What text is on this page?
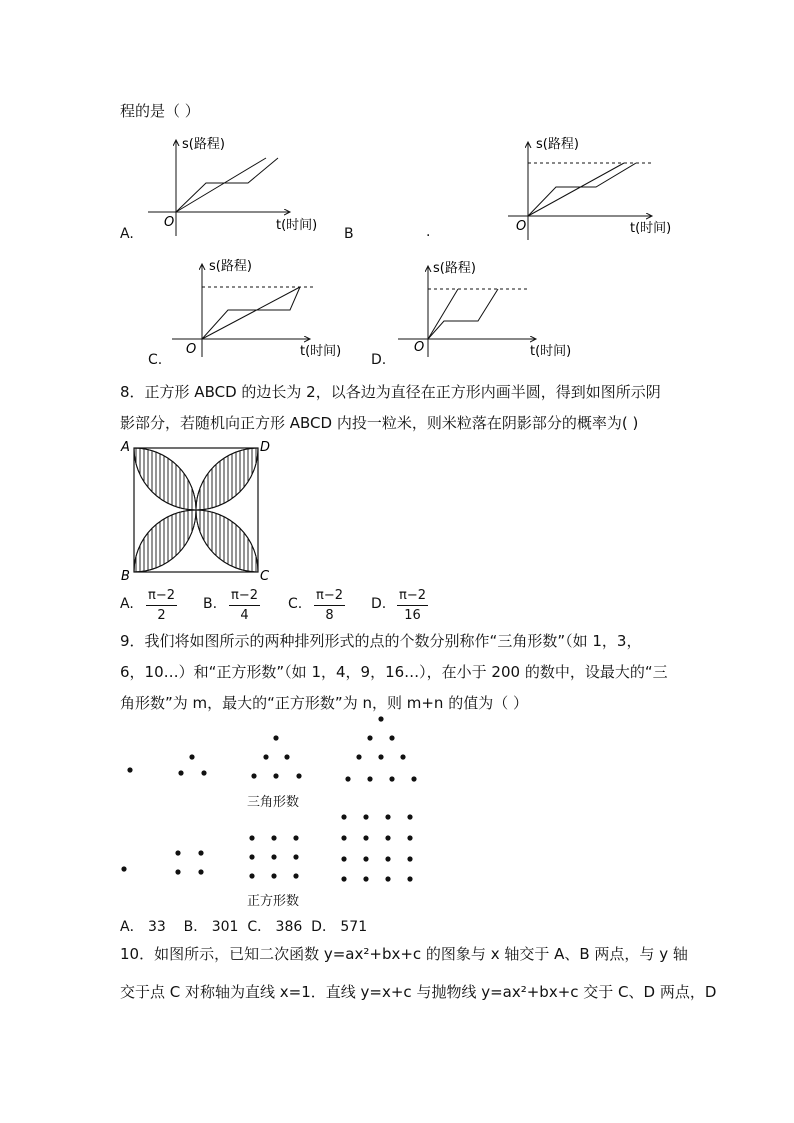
程的是（ ）
s(路程)
O	t(时间)
s(路程)
O	t(时间)
s(路程)
O	t(时间)
s(路程)
O	t(时间)
A.	B	.
C.	D.
8．正方形 ABCD 的边长为 2，以各边为直径在正方形内画半圆，得到如图所示阴
影部分，若随机向正方形 ABCD 内投一粒米，则米粒落在阴影部分的概率为( )
A	D
B	C
A. $\frac{\pi-2}{2} B$. $\frac{\pi-2}{4} C$. $\frac{\pi-2}{8} D$. $\frac{\pi-2}{16}$
9．我们将如图所示的两种排列形式的点的个数分别称作“三角形数”（如 1，3，
6，10…）和“正方形数”（如 1，4，9，16…），在小于 200 的数中，设最大的“三
角形数”为 m，最大的“正方形数”为 n，则 m+n 的值为（ ）
三角形数
正方形数
A． 33    B． 301  C． 386  D． 571
10．如图所示，已知二次函数 y=ax²+bx+c 的图象与 x 轴交于 A、B 两点，与 y 轴
交于点 C 对称轴为直线 x=1．直线 y=x+c 与抛物线 y=ax²+bx+c 交于 C、D 两点，D
